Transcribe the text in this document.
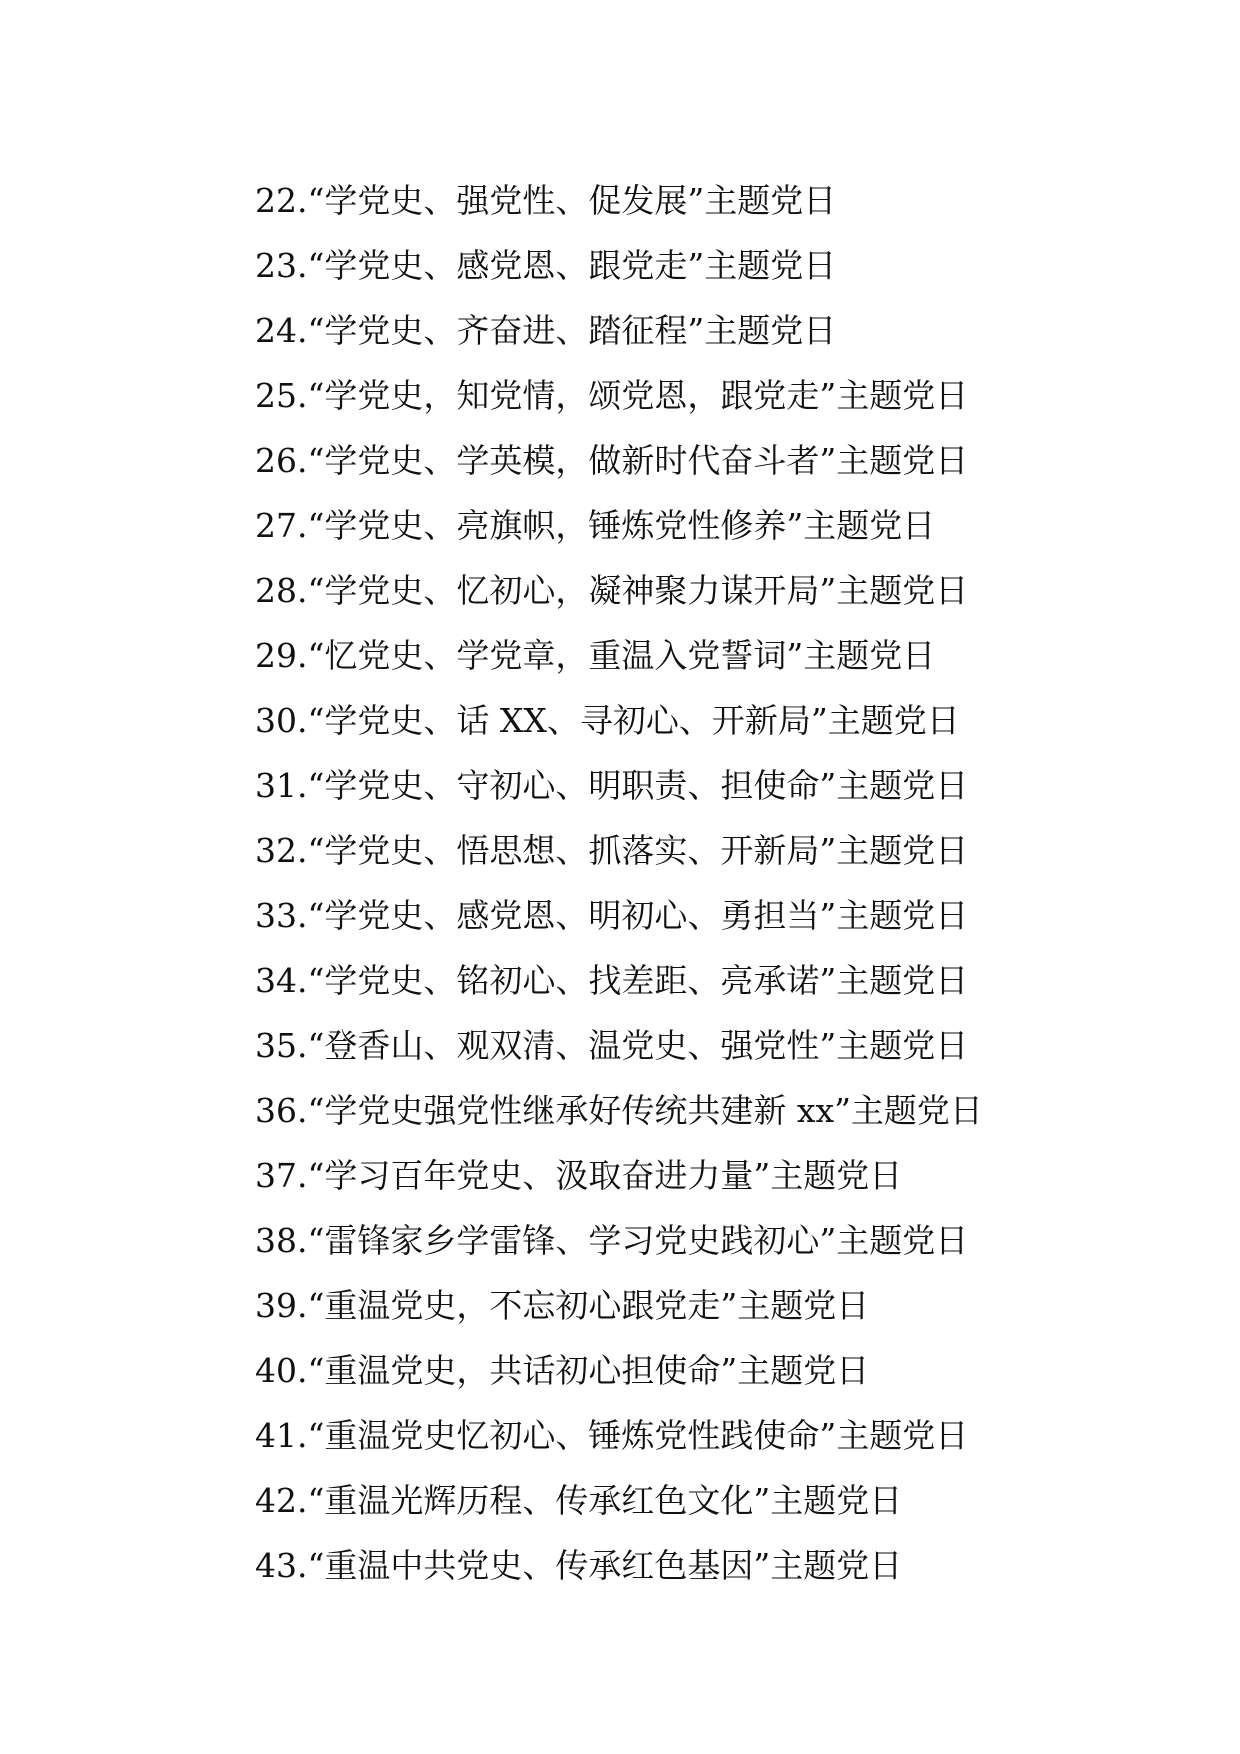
22.“学党史、强党性、促发展”主题党日
23.“学党史、感党恩、跟党走”主题党日
24.“学党史、齐奋进、踏征程”主题党日
25.“学党史，知党情，颂党恩，跟党走”主题党日
26.“学党史、学英模，做新时代奋斗者”主题党日
27.“学党史、亮旗帜，锤炼党性修养”主题党日
28.“学党史、忆初心，凝神聚力谋开局”主题党日
29.“忆党史、学党章，重温入党誓词”主题党日
30.“学党史、话 XX、寻初心、开新局”主题党日
31.“学党史、守初心、明职责、担使命”主题党日
32.“学党史、悟思想、抓落实、开新局”主题党日
33.“学党史、感党恩、明初心、勇担当”主题党日
34.“学党史、铭初心、找差距、亮承诺”主题党日
35.“登香山、观双清、温党史、强党性”主题党日
36.“学党史强党性继承好传统共建新 xx”主题党日
37.“学习百年党史、汲取奋进力量”主题党日
38.“雷锋家乡学雷锋、学习党史践初心”主题党日
39.“重温党史，不忘初心跟党走”主题党日
40.“重温党史，共话初心担使命”主题党日
41.“重温党史忆初心、锤炼党性践使命”主题党日
42.“重温光辉历程、传承红色文化”主题党日
43.“重温中共党史、传承红色基因”主题党日
